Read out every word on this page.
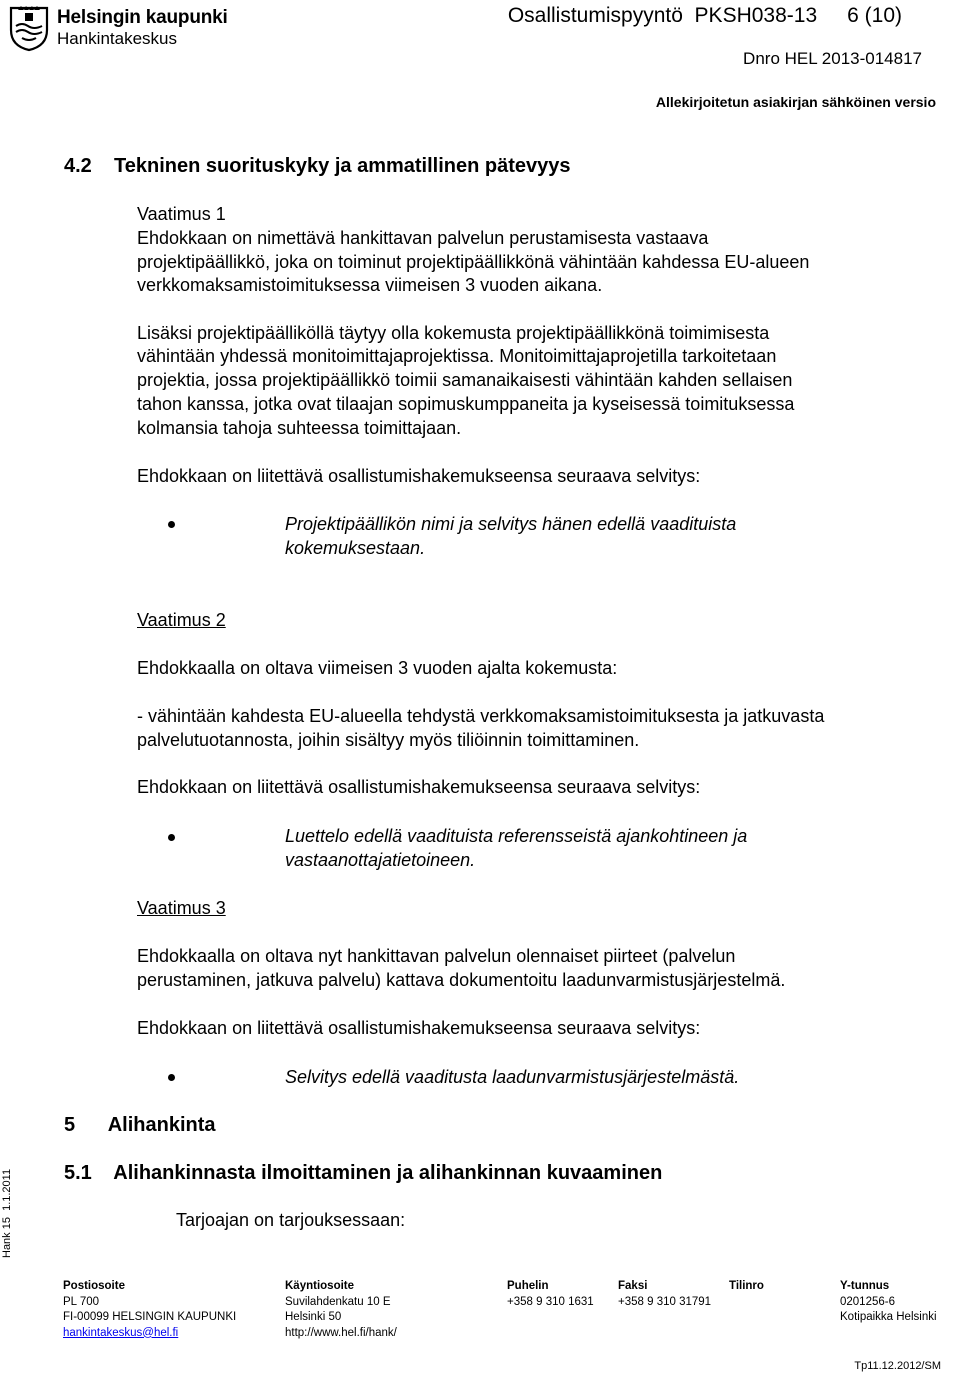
Helsingin kaupunki
Hankintakeskus
Osallistumispyyntö  PKSH038-13 6 (10)
Dnro HEL 2013-014817
Allekirjoitetun asiakirjan sähköinen versio
4.2    Tekninen suorituskyky ja ammatillinen pätevyys
Vaatimus 1
Ehdokkaan on nimettävä hankittavan palvelun perustamisesta vastaava
projektipäällikkö, joka on toiminut projektipäällikkönä vähintään kahdessa EU-alueen
verkkomaksamistoimituksessa viimeisen 3 vuoden aikana.
Lisäksi projektipäälliköllä täytyy olla kokemusta projektipäällikkönä toimimisesta
vähintään yhdessä monitoimittajaprojektissa. Monitoimittajaprojetilla tarkoitetaan
projektia, jossa projektipäällikkö toimii samanaikaisesti vähintään kahden sellaisen
tahon kanssa, jotka ovat tilaajan sopimuskumppaneita ja kyseisessä toimituksessa
kolmansia tahoja suhteessa toimittajaan.
Ehdokkaan on liitettävä osallistumishakemukseensa seuraava selvitys:
Projektipäällikön nimi ja selvitys hänen edellä vaadituista
kokemuksestaan.
Vaatimus 2
Ehdokkaalla on oltava viimeisen 3 vuoden ajalta kokemusta:
- vähintään kahdesta EU-alueella tehdystä verkkomaksamistoimituksesta ja jatkuvasta
palvelutuotannosta, joihin sisältyy myös tiliöinnin toimittaminen.
Ehdokkaan on liitettävä osallistumishakemukseensa seuraava selvitys:
Luettelo edellä vaadituista referensseistä ajankohtineen ja
vastaanottajatietoineen.
Vaatimus 3
Ehdokkaalla on oltava nyt hankittavan palvelun olennaiset piirteet (palvelun
perustaminen, jatkuva palvelu) kattava dokumentoitu laadunvarmistusjärjestelmä.
Ehdokkaan on liitettävä osallistumishakemukseensa seuraava selvitys:
Selvitys edellä vaaditusta laadunvarmistusjärjestelmästä.
5      Alihankinta
5.1    Alihankinnasta ilmoittaminen ja alihankinnan kuvaaminen
Tarjoajan on tarjouksessaan:
Hank 15  1.1.2011
Postiosoite
PL 700
FI-00099 HELSINGIN KAUPUNKI
hankintakeskus@hel.fi
Käyntiosoite
Suvilahdenkatu 10 E
Helsinki 50
http://www.hel.fi/hank/
Puhelin
+358 9 310 1631
Faksi
+358 9 310 31791
Tilinro	Y-tunnus
0201256-6
Kotipaikka Helsinki
Tp11.12.2012/SM
